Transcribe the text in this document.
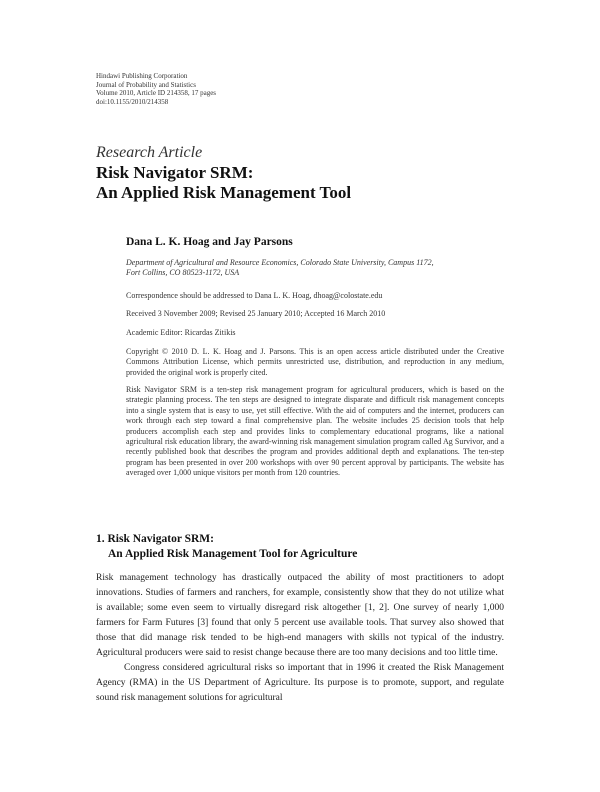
Hindawi Publishing Corporation
Journal of Probability and Statistics
Volume 2010, Article ID 214358, 17 pages
doi:10.1155/2010/214358
Research Article
Risk Navigator SRM:
An Applied Risk Management Tool
Dana L. K. Hoag and Jay Parsons
Department of Agricultural and Resource Economics, Colorado State University, Campus 1172,
Fort Collins, CO 80523-1172, USA
Correspondence should be addressed to Dana L. K. Hoag, dhoag@colostate.edu
Received 3 November 2009; Revised 25 January 2010; Accepted 16 March 2010
Academic Editor: Ricardas Zitikis
Copyright © 2010 D. L. K. Hoag and J. Parsons. This is an open access article distributed under the Creative Commons Attribution License, which permits unrestricted use, distribution, and reproduction in any medium, provided the original work is properly cited.
Risk Navigator SRM is a ten-step risk management program for agricultural producers, which is based on the strategic planning process. The ten steps are designed to integrate disparate and difficult risk management concepts into a single system that is easy to use, yet still effective. With the aid of computers and the internet, producers can work through each step toward a final comprehensive plan. The website includes 25 decision tools that help producers accomplish each step and provides links to complementary educational programs, like a national agricultural risk education library, the award-winning risk management simulation program called Ag Survivor, and a recently published book that describes the program and provides additional depth and explanations. The ten-step program has been presented in over 200 workshops with over 90 percent approval by participants. The website has averaged over 1,000 unique visitors per month from 120 countries.
1. Risk Navigator SRM:
An Applied Risk Management Tool for Agriculture

Risk management technology has drastically outpaced the ability of most practitioners to adopt innovations. Studies of farmers and ranchers, for example, consistently show that they do not utilize what is available; some even seem to virtually disregard risk altogether [1, 2]. One survey of nearly 1,000 farmers for Farm Futures [3] found that only 5 percent use available tools. That survey also showed that those that did manage risk tended to be high-end managers with skills not typical of the industry. Agricultural producers were said to resist change because there are too many decisions and too little time.

Congress considered agricultural risks so important that in 1996 it created the Risk Management Agency (RMA) in the US Department of Agriculture. Its purpose is to promote, support, and regulate sound risk management solutions for agricultural
